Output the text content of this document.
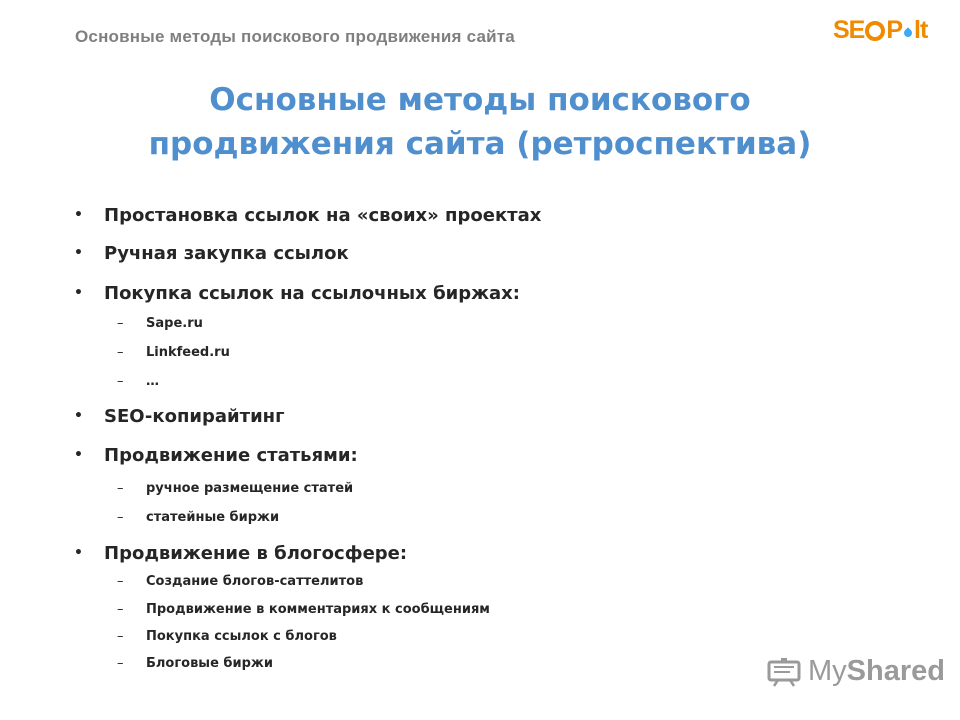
Основные методы поискового продвижения сайта	SE P lt
Основные методы поискового
продвижения сайта (ретроспектива)
• Простановка ссылок на «своих» проектах
• Ручная закупка ссылок
• Покупка ссылок на ссылочных биржах:
– Sape.ru
– Linkfeed.ru
– …
• SEO-копирайтинг
• Продвижение статьями:
– ручное размещение статей
– статейные биржи
• Продвижение в блогосфере:
– Создание блогов-саттелитов
– Продвижение в комментариях к сообщениям
– Покупка ссылок с блогов
– Блоговые биржи	My Shared
